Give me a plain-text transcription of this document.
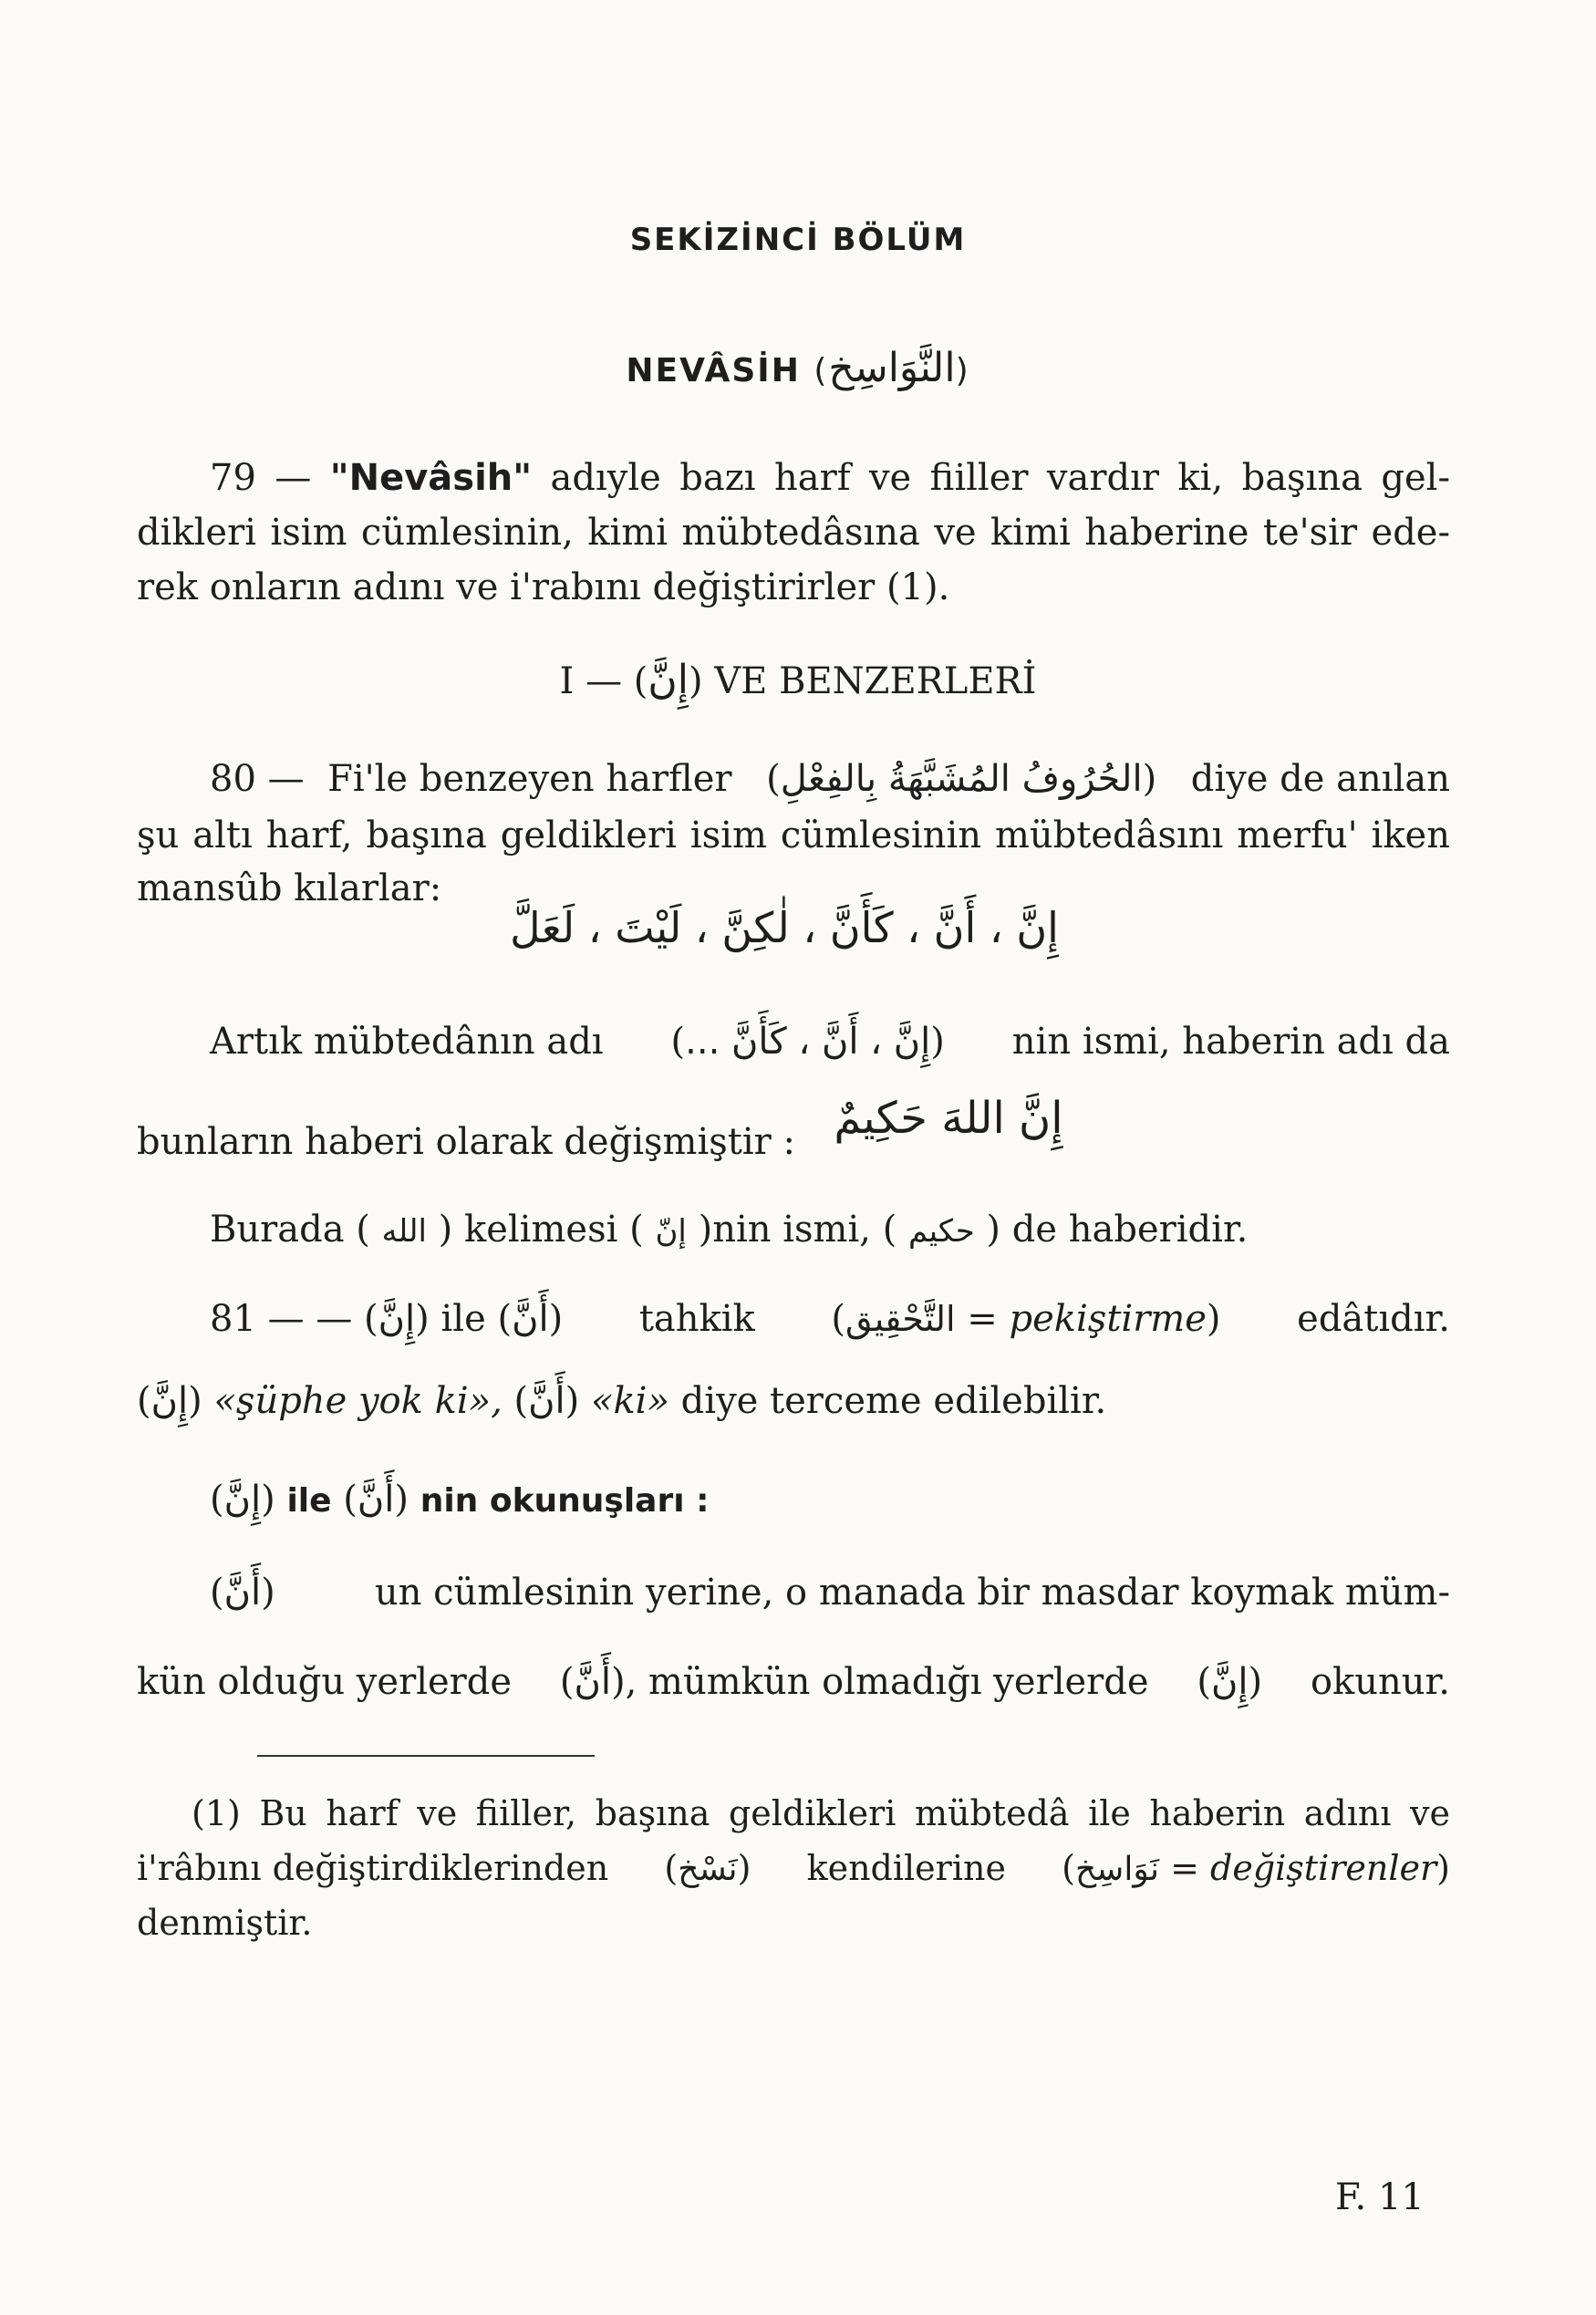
SEKİZİNCİ BÖLÜM
NEVÂSİH (النَّوَاسِخ)
79 — "Nevâsih" adıyle bazı harf ve fiiller vardır ki, başına gel-
dikleri isim cümlesinin, kimi mübtedâsına ve kimi haberine te'sir ede-
rek onların adını ve i'rabını değiştirirler (1).
I — (إِنَّ) VE BENZERLERİ
80 — Fi'le benzeyen harfler (الحُرُوفُ المُشَبَّهَةُ بِالفِعْلِ) diye de anılan
şu altı harf, başına geldikleri isim cümlesinin mübtedâsını merfu' iken
mansûb kılarlar:
إِنَّ ، أَنَّ ، كَأَنَّ ، لٰكِنَّ ، لَيْتَ ، لَعَلَّ
Artık mübtedânın adı (إِنَّ ، أَنَّ ، كَأَنَّ ...) nin ismi, haberin adı da
bunların haberi olarak değişmiştir : إِنَّ اللهَ حَكِيمٌ
Burada ( الله ) kelimesi ( إنّ )nin ismi, ( حكيم ) de haberidir.
81 — — (إِنَّ) ile (أَنَّ) tahkik (التَّحْقِيق = pekiştirme) edâtıdır.
(إِنَّ) «şüphe yok ki», (أَنَّ) «ki» diye terceme edilebilir.
(إِنَّ) ile (أَنَّ) nin okunuşları :
(أَنَّ)	un cümlesinin yerine, o manada bir masdar koymak müm-
kün olduğu yerlerde (أَنَّ), mümkün olmadığı yerlerde (إِنَّ) okunur.
(1) Bu harf ve fiiller, başına geldikleri mübtedâ ile haberin adını ve
i'râbını değiştirdiklerinden (نَسْخ) kendilerine (نَوَاسِخ = değiştirenler)
denmiştir.
F. 11
